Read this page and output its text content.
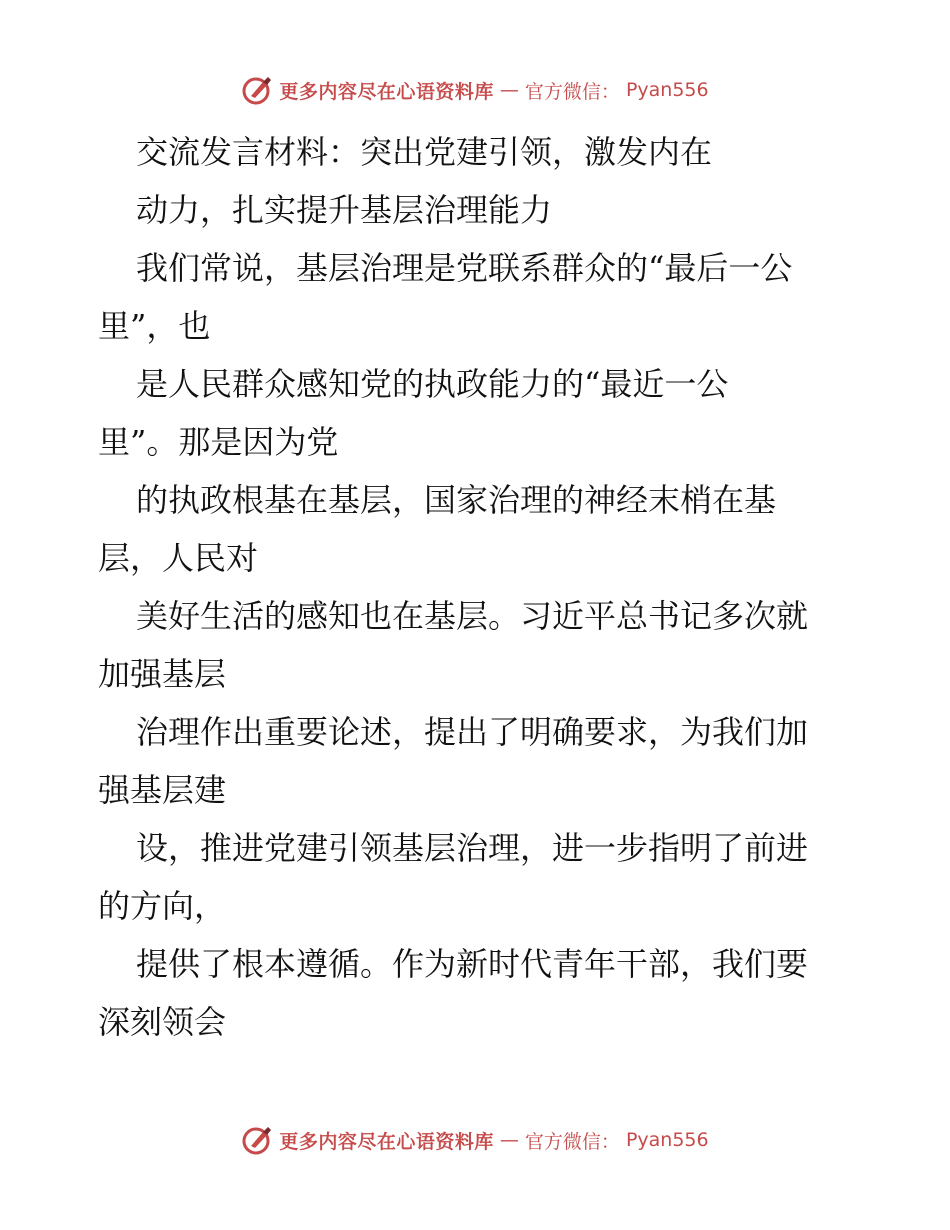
更多内容尽在心语资料库 — 官方微信： Pyan556
交流发言材料：突出党建引领，激发内在
动力，扎实提升基层治理能力
我们常说，基层治理是党联系群众的“最后一公
里”，也
是人民群众感知党的执政能力的“最近一公
里”。那是因为党
的执政根基在基层，国家治理的神经末梢在基
层，人民对
美好生活的感知也在基层。习近平总书记多次就
加强基层
治理作出重要论述，提出了明确要求，为我们加
强基层建
设，推进党建引领基层治理，进一步指明了前进
的方向，
提供了根本遵循。作为新时代青年干部，我们要
深刻领会
更多内容尽在心语资料库 — 官方微信： Pyan556
